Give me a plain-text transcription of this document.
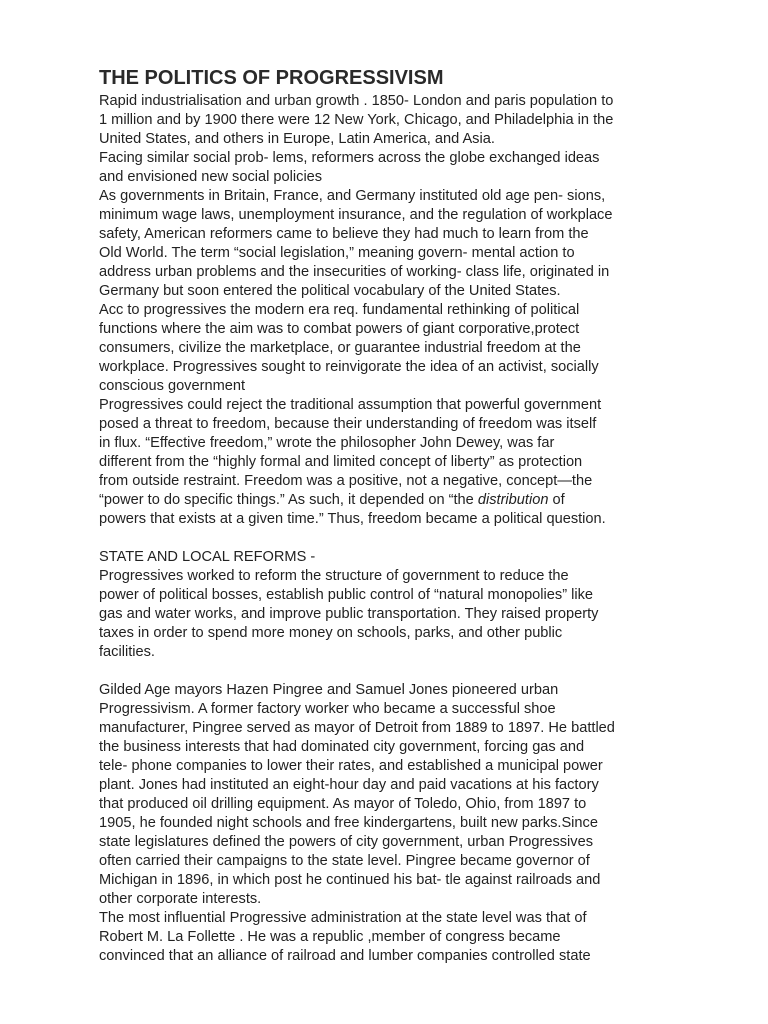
THE POLITICS OF PROGRESSIVISM
Rapid industrialisation and urban growth . 1850- London and paris population to
1 million and by 1900 there were 12 New York, Chicago, and Philadelphia in the
United States, and others in Europe, Latin America, and Asia.
Facing similar social prob- lems, reformers across the globe exchanged ideas
and envisioned new social policies
As governments in Britain, France, and Germany instituted old age pen- sions,
minimum wage laws, unemployment insurance, and the regulation of workplace
safety, American reformers came to believe they had much to learn from the
Old World. The term “social legislation,” meaning govern- mental action to
address urban problems and the insecurities of working- class life, originated in
Germany but soon entered the political vocabulary of the United States.
Acc to progressives the modern era req. fundamental rethinking of political
functions where the aim was to combat powers of giant corporative,protect
consumers, civilize the marketplace, or guarantee industrial freedom at the
workplace. Progressives sought to reinvigorate the idea of an activist, socially
conscious government
Progressives could reject the traditional assumption that powerful government
posed a threat to freedom, because their understanding of freedom was itself
in flux. “Effective freedom,” wrote the philosopher John Dewey, was far
different from the “highly formal and limited concept of liberty” as protection
from outside restraint. Freedom was a positive, not a negative, concept—the
“power to do specific things.” As such, it depended on “the distribution of
powers that exists at a given time.” Thus, freedom became a political question.
STATE AND LOCAL REFORMS -
Progressives worked to reform the structure of government to reduce the
power of political bosses, establish public control of “natural monopolies” like
gas and water works, and improve public transportation. They raised property
taxes in order to spend more money on schools, parks, and other public
facilities.
Gilded Age mayors Hazen Pingree and Samuel Jones pioneered urban
Progressivism. A former factory worker who became a successful shoe
manufacturer, Pingree served as mayor of Detroit from 1889 to 1897. He battled
the business interests that had dominated city government, forcing gas and
tele- phone companies to lower their rates, and established a municipal power
plant. Jones had instituted an eight-hour day and paid vacations at his factory
that produced oil drilling equipment. As mayor of Toledo, Ohio, from 1897 to
1905, he founded night schools and free kindergartens, built new parks.Since
state legislatures defined the powers of city government, urban Progressives
often carried their campaigns to the state level. Pingree became governor of
Michigan in 1896, in which post he continued his bat- tle against railroads and
other corporate interests.
The most influential Progressive administration at the state level was that of
Robert M. La Follette . He was a republic ,member of congress became
convinced that an alliance of railroad and lumber companies controlled state
